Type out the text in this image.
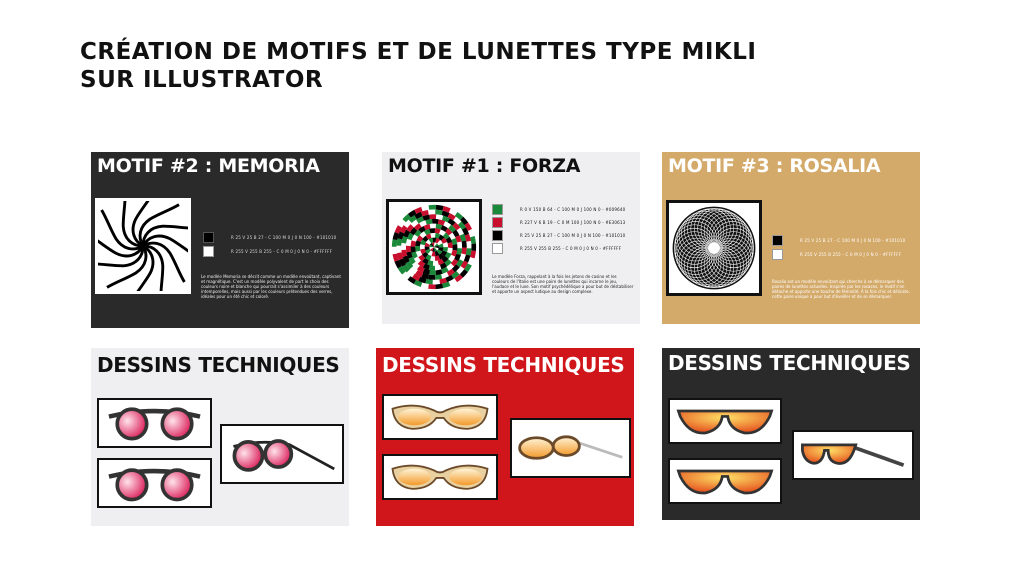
CRÉATION DE MOTIFS ET DE LUNETTES TYPE MIKLI
SUR ILLUSTRATOR
MOTIF #2 : MEMORIA
R 25 V 25 B 27 - C 100 M 0 J 0 N 100 - #101010
R 255 V 255 B 255 - C 0 M 0 J 0 N 0 - #FFFFFF
Le modèle Memoria se décrit comme un modèle envoûtant, captivant et magnétique. C'est un modèle polyvalent de part le choix des couleurs noire et blanche qui pourrait s'assimiler à des couleurs intemporelles, mais aussi par les couleurs prétendues des verres, idéales pour un été chic et coloré.
MOTIF #1 : FORZA
R 0 V 150 B 64 - C 100 M 0 J 100 N 0 - #009640
R 227 V 6 B 19 - C 0 M 100 J 100 N 0 - #E30613
R 25 V 25 B 27 - C 100 M 0 J 0 N 100 - #101010
R 255 V 255 B 255 - C 0 M 0 J 0 N 0 - #FFFFFF
Le modèle Forza, rappelant à la fois les jetons de casino et les couleurs de l'Italie est une paire de lunettes qui incarne le jeu, l'audace et le luxe. Son motif psychédélique a pour but de déstabiliser et apporte un aspect ludique au design complexe.
MOTIF #3 : ROSALIA
R 25 V 25 B 27 - C 100 M 0 J 0 N 100 - #101010
R 255 V 255 B 255 - C 0 M 0 J 0 N 0 - #FFFFFF
Rosalia est un modèle envoûtant qui cherche à se démarquer des paires de lunettes actuelles. Inspirée par les rosaces, le motif s'en détache et apporte une touche de féminité. À la fois chic et délicate, cette paire unique a pour but d'éveiller et de se démarquer.
DESSINS TECHNIQUES DESSINS TECHNIQUES DESSINS TECHNIQUES
